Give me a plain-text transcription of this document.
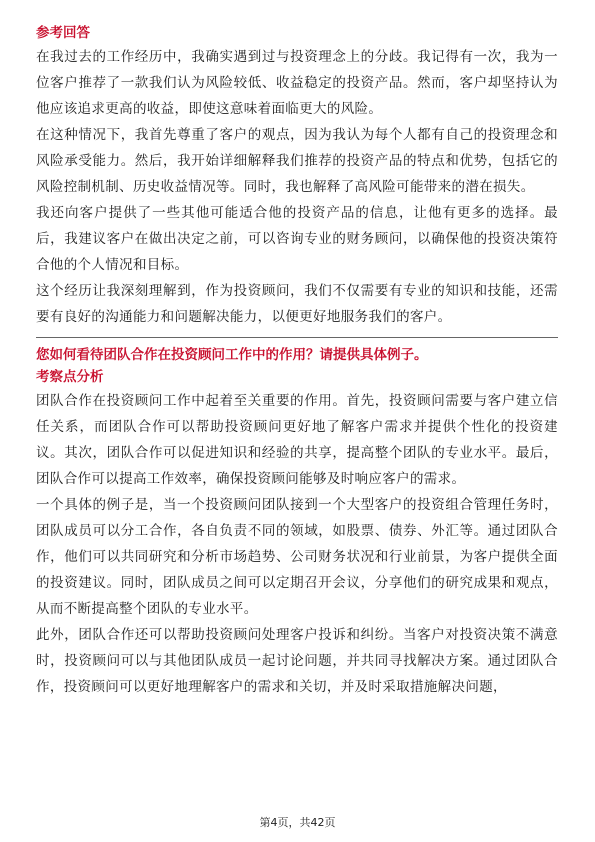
参考回答

在我过去的工作经历中，我确实遇到过与投资理念上的分歧。我记得有一次，我为一位客户推荐了一款我们认为风险较低、收益稳定的投资产品。然而，客户却坚持认为他应该追求更高的收益，即使这意味着面临更大的风险。

在这种情况下，我首先尊重了客户的观点，因为我认为每个人都有自己的投资理念和风险承受能力。然后，我开始详细解释我们推荐的投资产品的特点和优势，包括它的风险控制机制、历史收益情况等。同时，我也解释了高风险可能带来的潜在损失。

我还向客户提供了一些其他可能适合他的投资产品的信息，让他有更多的选择。最后，我建议客户在做出决定之前，可以咨询专业的财务顾问，以确保他的投资决策符合他的个人情况和目标。

这个经历让我深刻理解到，作为投资顾问，我们不仅需要有专业的知识和技能，还需要有良好的沟通能力和问题解决能力，以便更好地服务我们的客户。

您如何看待团队合作在投资顾问工作中的作用？请提供具体例子。

考察点分析

团队合作在投资顾问工作中起着至关重要的作用。首先，投资顾问需要与客户建立信任关系，而团队合作可以帮助投资顾问更好地了解客户需求并提供个性化的投资建议。其次，团队合作可以促进知识和经验的共享，提高整个团队的专业水平。最后，团队合作可以提高工作效率，确保投资顾问能够及时响应客户的需求。

一个具体的例子是，当一个投资顾问团队接到一个大型客户的投资组合管理任务时，团队成员可以分工合作，各自负责不同的领域，如股票、债券、外汇等。通过团队合作，他们可以共同研究和分析市场趋势、公司财务状况和行业前景，为客户提供全面的投资建议。同时，团队成员之间可以定期召开会议，分享他们的研究成果和观点，从而不断提高整个团队的专业水平。

此外，团队合作还可以帮助投资顾问处理客户投诉和纠纷。当客户对投资决策不满意时，投资顾问可以与其他团队成员一起讨论问题，并共同寻找解决方案。通过团队合作，投资顾问可以更好地理解客户的需求和关切，并及时采取措施解决问题，

第4页，共42页
